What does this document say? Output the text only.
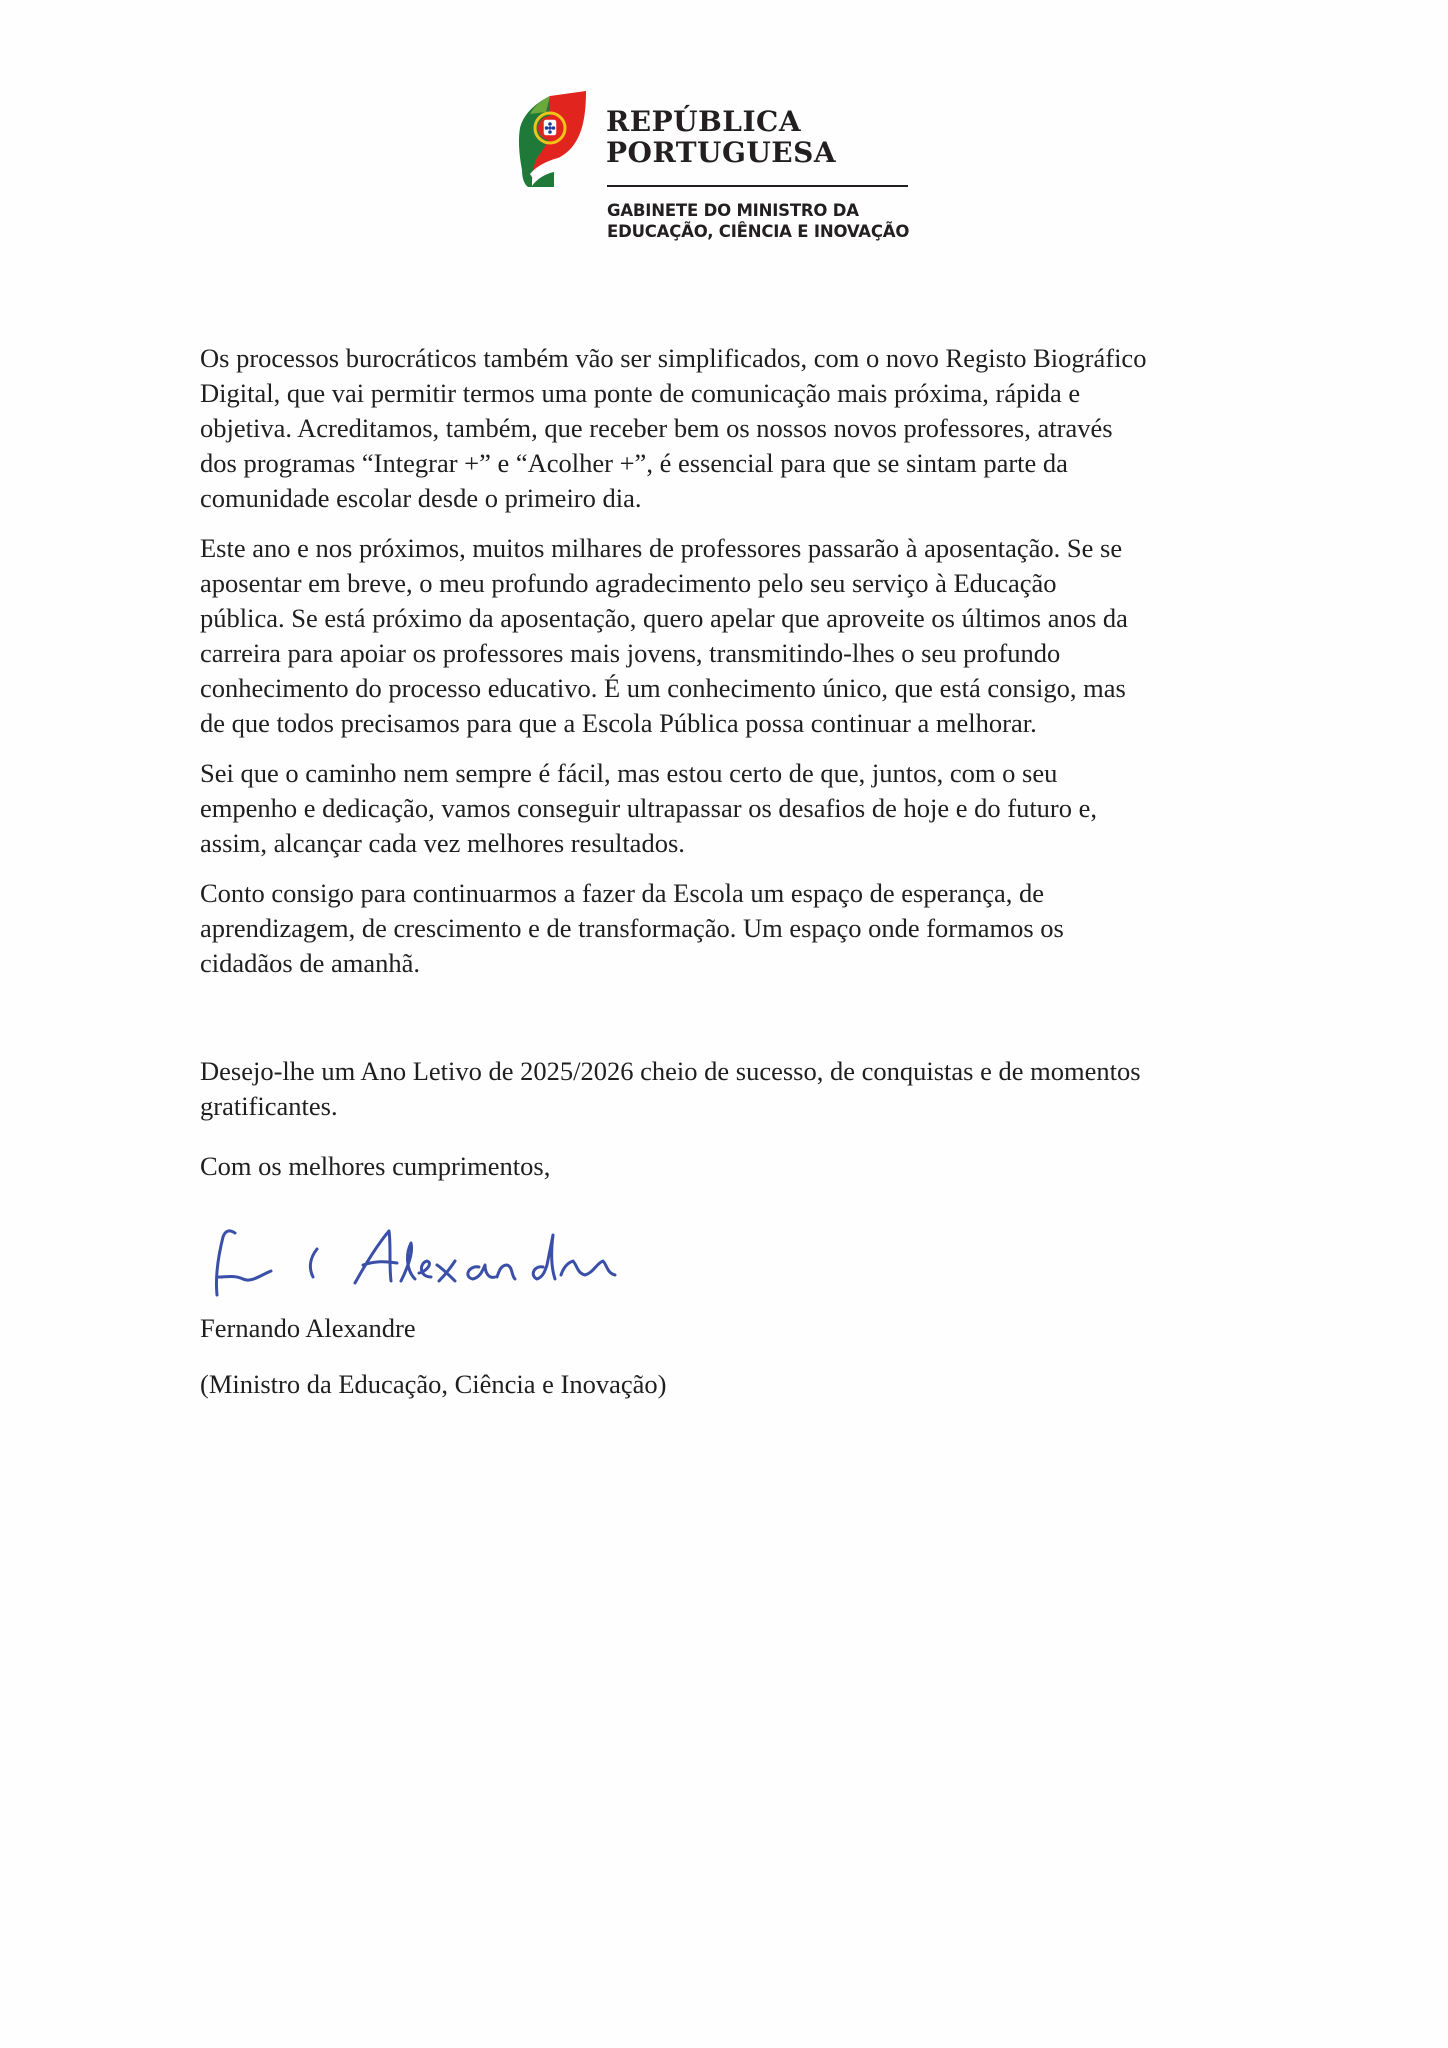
REPÚBLICA
PORTUGUESA
GABINETE DO MINISTRO DA
EDUCAÇÃO, CIÊNCIA E INOVAÇÃO
Os processos burocráticos também vão ser simplificados, com o novo Registo Biográfico
Digital, que vai permitir termos uma ponte de comunicação mais próxima, rápida e
objetiva. Acreditamos, também, que receber bem os nossos novos professores, através
dos programas “Integrar +” e “Acolher +”, é essencial para que se sintam parte da
comunidade escolar desde o primeiro dia.
Este ano e nos próximos, muitos milhares de professores passarão à aposentação. Se se
aposentar em breve, o meu profundo agradecimento pelo seu serviço à Educação
pública. Se está próximo da aposentação, quero apelar que aproveite os últimos anos da
carreira para apoiar os professores mais jovens, transmitindo-lhes o seu profundo
conhecimento do processo educativo. É um conhecimento único, que está consigo, mas
de que todos precisamos para que a Escola Pública possa continuar a melhorar.
Sei que o caminho nem sempre é fácil, mas estou certo de que, juntos, com o seu
empenho e dedicação, vamos conseguir ultrapassar os desafios de hoje e do futuro e,
assim, alcançar cada vez melhores resultados.
Conto consigo para continuarmos a fazer da Escola um espaço de esperança, de
aprendizagem, de crescimento e de transformação. Um espaço onde formamos os
cidadãos de amanhã.
Desejo-lhe um Ano Letivo de 2025/2026 cheio de sucesso, de conquistas e de momentos
gratificantes.
Com os melhores cumprimentos,
Fernando Alexandre
(Ministro da Educação, Ciência e Inovação)
